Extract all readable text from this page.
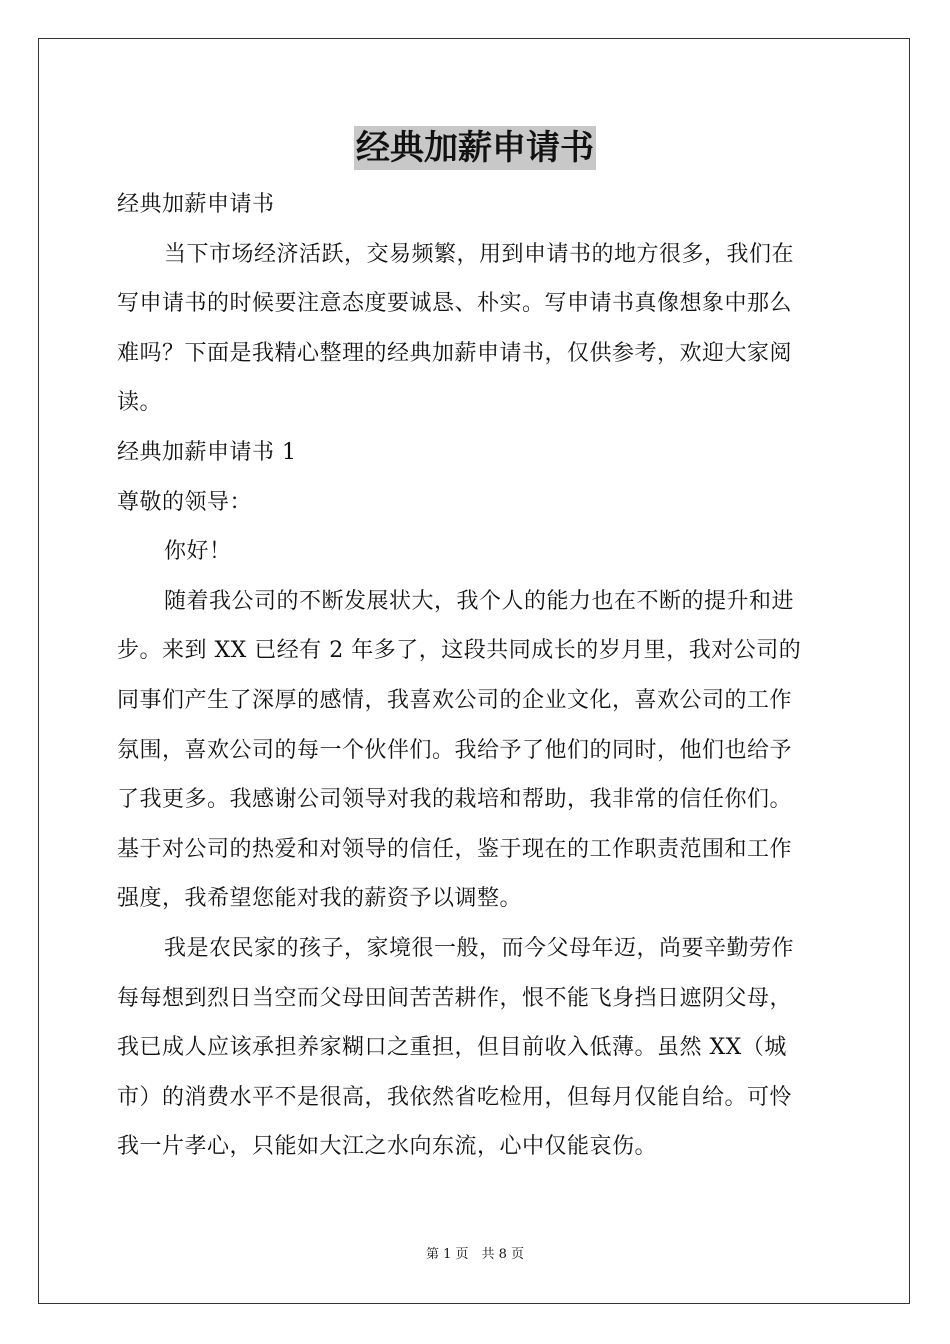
经典加薪申请书
经典加薪申请书
当下市场经济活跃，交易频繁，用到申请书的地方很多，我们在
写申请书的时候要注意态度要诚恳、朴实。写申请书真像想象中那么
难吗？下面是我精心整理的经典加薪申请书，仅供参考，欢迎大家阅
读。
经典加薪申请书 1
尊敬的领导：
你好！
随着我公司的不断发展状大，我个人的能力也在不断的提升和进
步。来到 XX 已经有 2 年多了，这段共同成长的岁月里，我对公司的
同事们产生了深厚的感情，我喜欢公司的企业文化，喜欢公司的工作
氛围，喜欢公司的每一个伙伴们。我给予了他们的同时，他们也给予
了我更多。我感谢公司领导对我的栽培和帮助，我非常的信任你们。
基于对公司的热爱和对领导的信任，鉴于现在的工作职责范围和工作
强度，我希望您能对我的薪资予以调整。
我是农民家的孩子，家境很一般，而今父母年迈，尚要辛勤劳作
每每想到烈日当空而父母田间苦苦耕作，恨不能飞身挡日遮阴父母，
我已成人应该承担养家糊口之重担，但目前收入低薄。虽然 XX（城
市）的消费水平不是很高，我依然省吃检用，但每月仅能自给。可怜
我一片孝心，只能如大江之水向东流，心中仅能哀伤。
第 1 页　共 8 页
